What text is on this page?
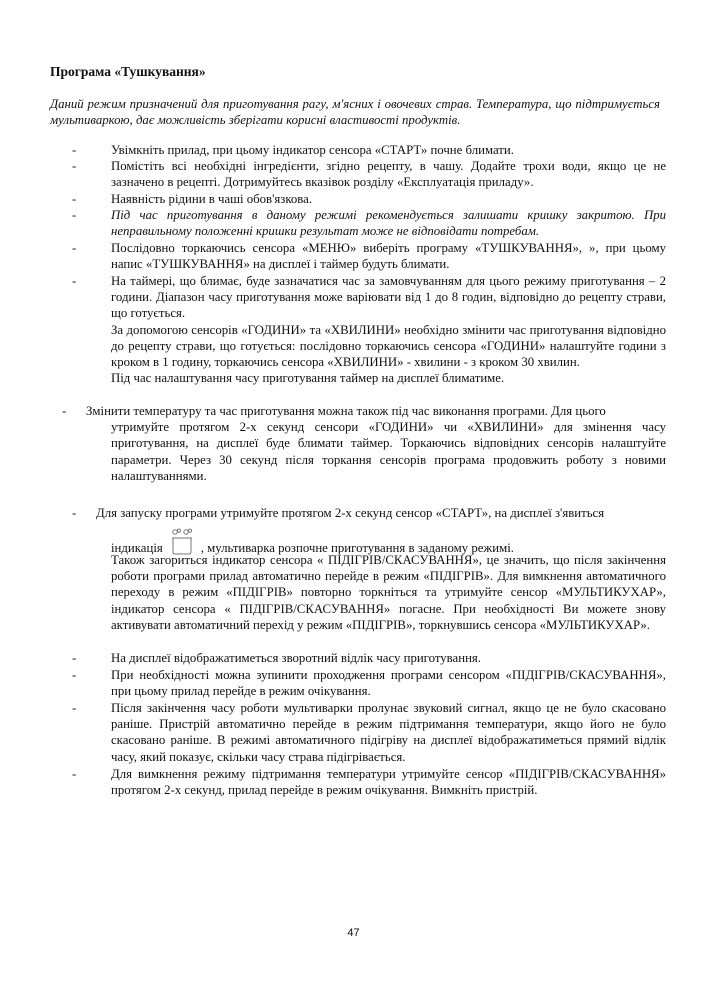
Програма «Тушкування»
Даний режим призначений для приготування рагу, м'ясних і овочевих страв. Температура, що підтримується мультиваркою, дає можливість зберігати корисні властивості продуктів.
-	Увімкніть прилад, при цьому індикатор сенсора «СТАРТ» почне блимати.
-	Помістіть всі необхідні інгредієнти, згідно рецепту, в чашу. Додайте трохи води, якщо це не зазначено в рецепті. Дотримуйтесь вказівок розділу «Експлуатація приладу».
-	Наявність рідини в чаші обов'язкова.
-	Під час приготування в даному режимі рекомендується залишати кришку закритою. При неправильному положенні кришки результат може не відповідати потребам.
-	Послідовно торкаючись сенсора «МЕНЮ» виберіть програму «ТУШКУВАННЯ», », при цьому напис «ТУШКУВАННЯ» на дисплеї і таймер будуть блимати.
-	На таймері, що блимає, буде зазначатися час за замовчуванням для цього режиму приготування – 2 години. Діапазон часу приготування може варіювати від 1 до 8 годин, відповідно до рецепту страви, що готується.

За допомогою сенсорів «ГОДИНИ» та «ХВИЛИНИ» необхідно змінити час приготування відповідно до рецепту страви, що готується: послідовно торкаючись сенсора «ГОДИНИ» налаштуйте години з кроком в 1 годину, торкаючись сенсора «ХВИЛИНИ» - хвилини - з кроком 30 хвилин.

Під час налаштування часу приготування таймер на дисплеї блиматиме.

- Змінити температуру та час приготування можна також під час виконання програми. Для цього
утримуйте протягом 2-х секунд сенсори «ГОДИНИ» чи «ХВИЛИНИ» для змінення часу приготування, на дисплеї буде блимати таймер. Торкаючись відповідних сенсорів налаштуйте параметри. Через 30 секунд після торкання сенсорів програма продовжить роботу з новими налаштуваннями.
- Для запуску програми утримуйте протягом 2-х секунд сенсор «СТАРТ», на дисплеї з'явиться
індикація	, мультиварка розпочне приготування в заданому режимі.

Також загориться індикатор сенсора « ПІДІГРІВ/СКАСУВАННЯ», це значить, що після закінчення роботи програми прилад автоматично перейде в режим «ПІДІГРІВ». Для вимкнення автоматичного переходу в режим «ПІДІГРІВ» повторно торкніться та утримуйте сенсор «МУЛЬТИКУХАР», індикатор сенсора « ПІДІГРІВ/СКАСУВАННЯ» погасне. При необхідності Ви можете знову активувати автоматичний перехід у режим «ПІДІГРІВ», торкнувшись сенсора «МУЛЬТИКУХАР».

-	На дисплеї відображатиметься зворотний відлік часу приготування.
-	При необхідності можна зупинити проходження програми сенсором «ПІДІГРІВ/СКАСУВАННЯ», при цьому прилад перейде в режим очікування.
-	Після закінчення часу роботи мультиварки пролунає звуковий сигнал, якщо це не було скасовано раніше. Пристрій автоматично перейде в режим підтримання температури, якщо його не було скасовано раніше. В режимі автоматичного підігріву на дисплеї відображатиметься прямий відлік часу, який показує, скільки часу страва підігрівається.
-	Для вимкнення режиму підтримання температури утримуйте сенсор «ПІДІГРІВ/СКАСУВАННЯ» протягом 2-х секунд, прилад перейде в режим очікування. Вимкніть пристрій.
47
